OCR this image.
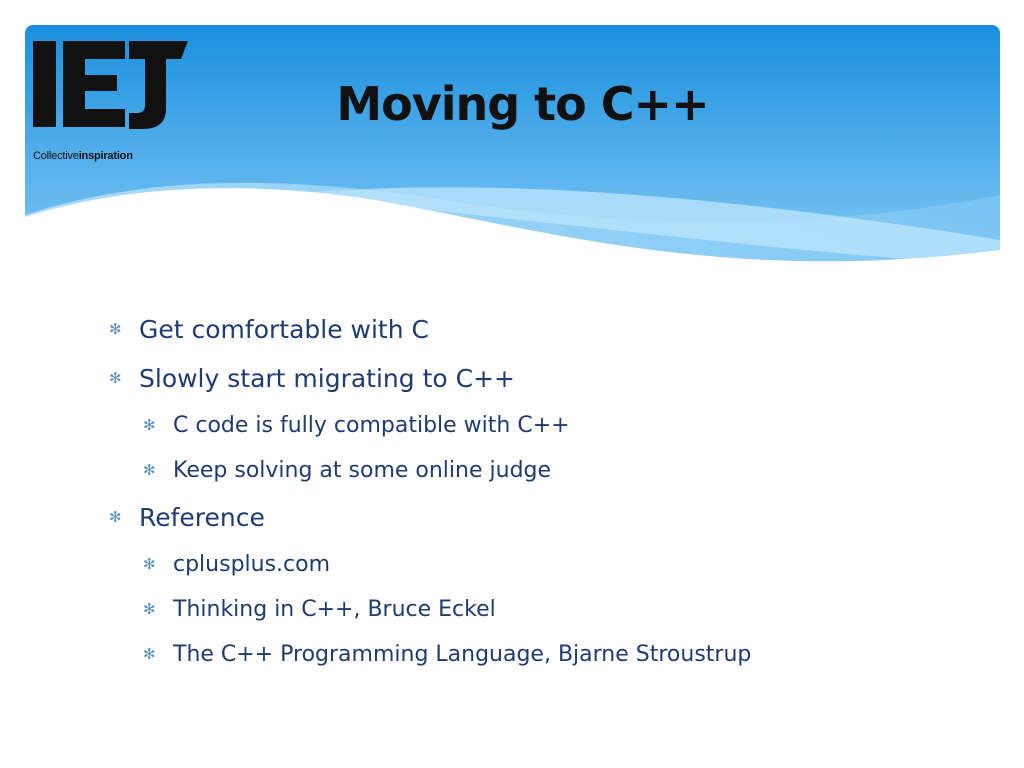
Collectiveinspiration
Moving to C++
✻ Get comfortable with C
✻ Slowly start migrating to C++
✻ C code is fully compatible with C++
✻ Keep solving at some online judge
✻ Reference
✻ cplusplus.com
✻ Thinking in C++, Bruce Eckel
✻ The C++ Programming Language, Bjarne Stroustrup
